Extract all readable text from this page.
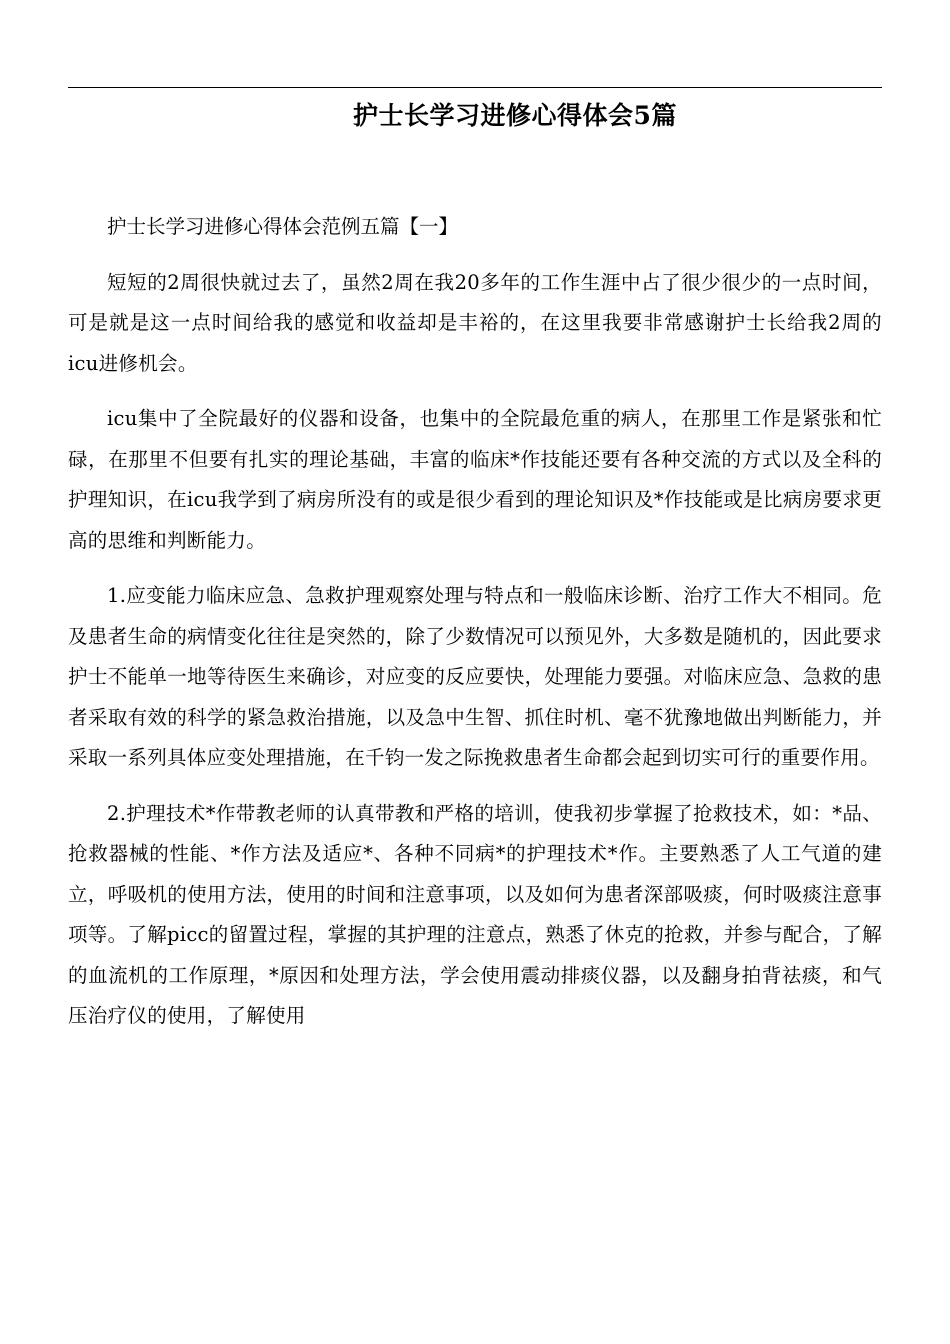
护士长学习进修心得体会5篇

护士长学习进修心得体会范例五篇【一】

短短的2周很快就过去了，虽然2周在我20多年的工作生涯中占了很少很少的一点时间，可是就是这一点时间给我的感觉和收益却是丰裕的，在这里我要非常感谢护士长给我2周的icu进修机会。

icu集中了全院最好的仪器和设备，也集中的全院最危重的病人，在那里工作是紧张和忙碌，在那里不但要有扎实的理论基础，丰富的临床*作技能还要有各种交流的方式以及全科的护理知识，在icu我学到了病房所没有的或是很少看到的理论知识及*作技能或是比病房要求更高的思维和判断能力。

1.应变能力临床应急、急救护理观察处理与特点和一般临床诊断、治疗工作大不相同。危及患者生命的病情变化往往是突然的，除了少数情况可以预见外，大多数是随机的，因此要求护士不能单一地等待医生来确诊，对应变的反应要快，处理能力要强。对临床应急、急救的患者采取有效的科学的紧急救治措施，以及急中生智、抓住时机、毫不犹豫地做出判断能力，并采取一系列具体应变处理措施，在千钧一发之际挽救患者生命都会起到切实可行的重要作用。

2.护理技术*作带教老师的认真带教和严格的培训，使我初步掌握了抢救技术，如：*品、抢救器械的性能、*作方法及适应*、各种不同病*的护理技术*作。主要熟悉了人工气道的建立，呼吸机的使用方法，使用的时间和注意事项，以及如何为患者深部吸痰，何时吸痰注意事项等。了解picc的留置过程，掌握的其护理的注意点，熟悉了休克的抢救，并参与配合，了解的血流机的工作原理，*原因和处理方法，学会使用震动排痰仪器，以及翻身拍背祛痰，和气压治疗仪的使用，了解使用
